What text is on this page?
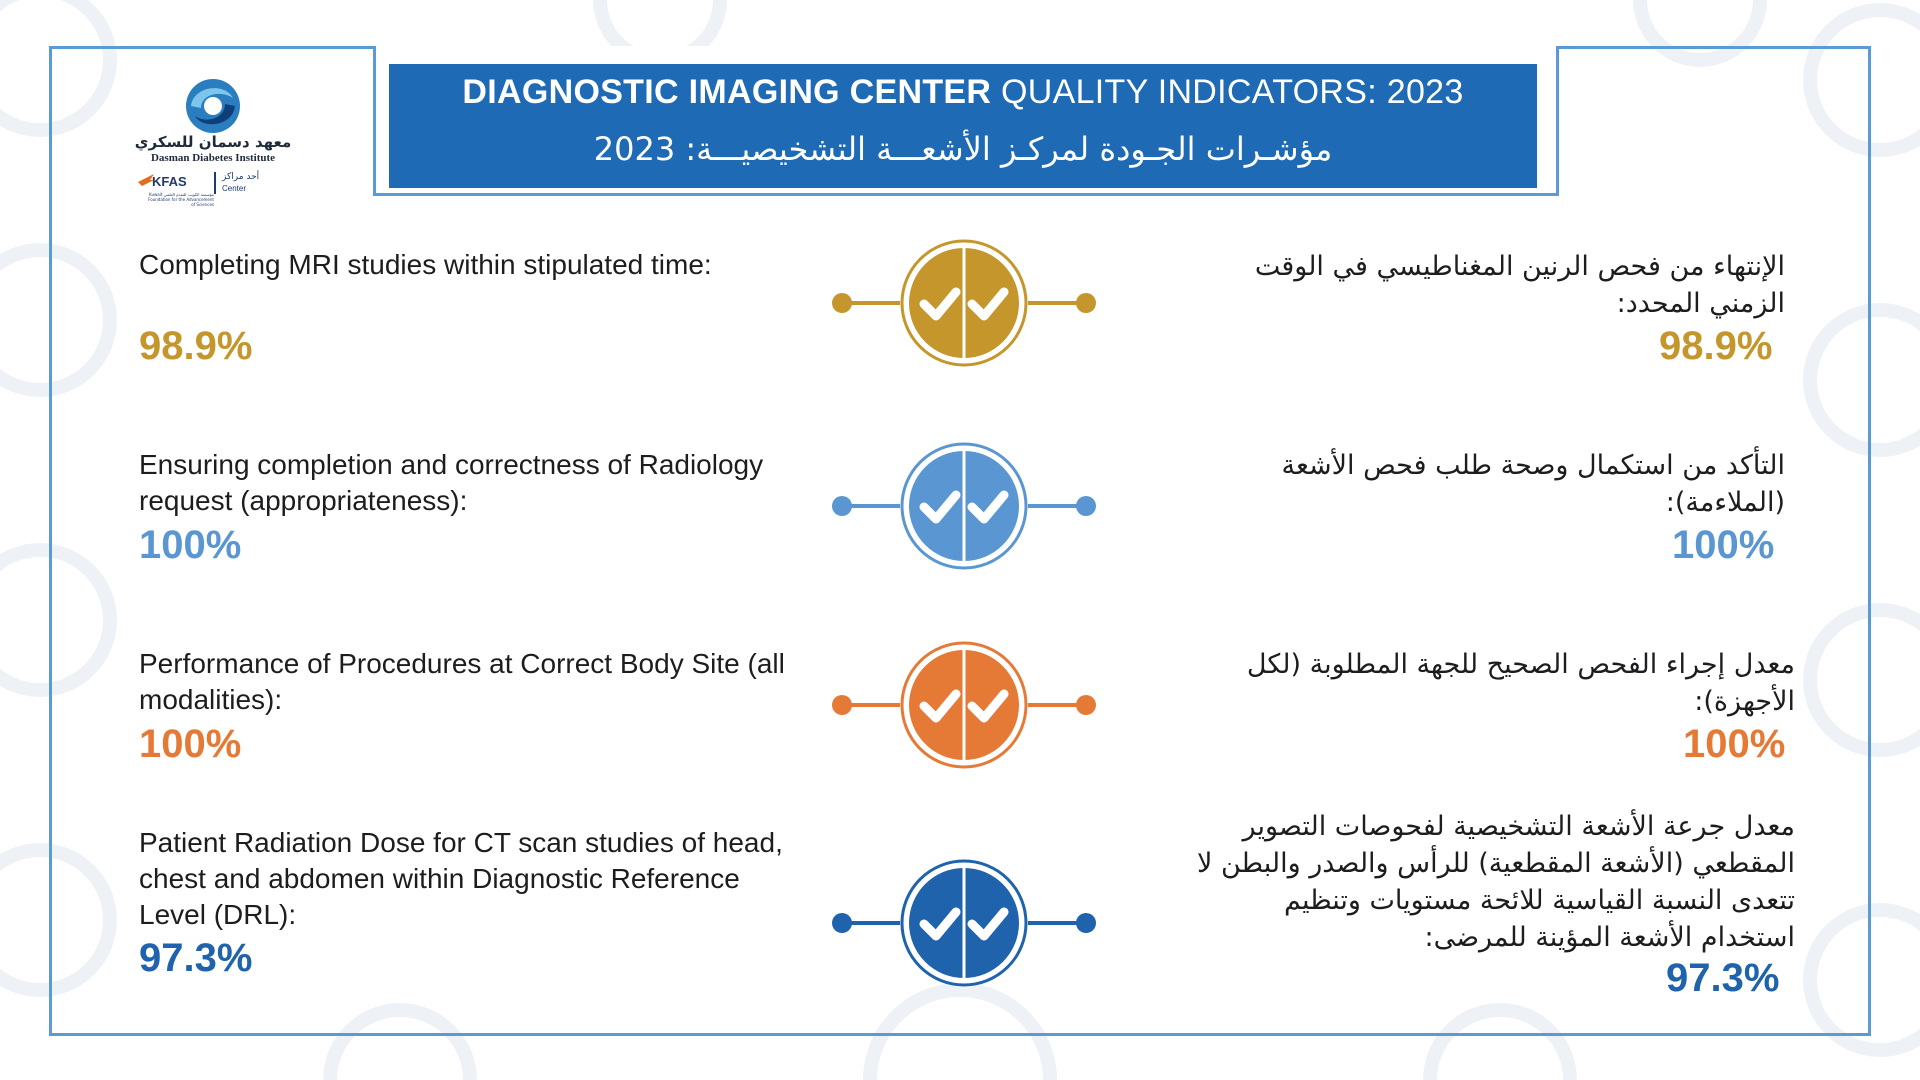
DIAGNOSTIC IMAGING CENTER QUALITY INDICATORS: 2023
مؤشـرات الجـودة لمركـز الأشعـــة التشخيصيـــة: 2023
معهد دسمان للسكري
Dasman Diabetes Institute
KFAS	أحد مراكز
Center
مؤسسة الكويت للتقدم العلمي Kuwait Foundation for the Advancement of Sciences
Completing MRI studies within stipulated time:
98.9%
الإنتهاء من فحص الرنين المغناطيسي في الوقت الزمني المحدد:
98.9%
Ensuring completion and correctness of Radiology request (appropriateness):
100%
التأكد من استكمال وصحة طلب فحص الأشعة (الملاءمة):
100%
Performance of Procedures at Correct Body Site (all modalities):
100%
معدل إجراء الفحص الصحيح للجهة المطلوبة (لكل الأجهزة):
100%
Patient Radiation Dose for CT scan studies of head, chest and abdomen within Diagnostic Reference Level (DRL):
97.3%
معدل جرعة الأشعة التشخيصية لفحوصات التصوير المقطعي (الأشعة المقطعية) للرأس والصدر والبطن لا تتعدى النسبة القياسية للائحة مستويات وتنظيم استخدام الأشعة المؤينة للمرضى:
97.3%
